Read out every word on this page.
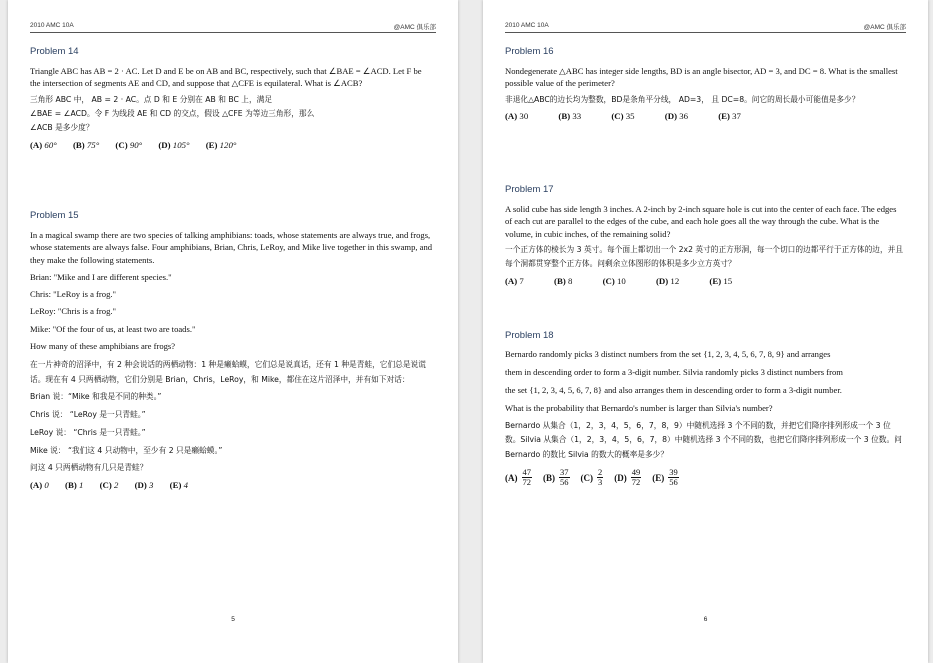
2010 AMC 10A	@AMC 俱乐部
Problem 14

Triangle ABC has AB = 2 · AC. Let D and E be on AB and BC, respectively, such that ∠BAE = ∠ACD. Let F be the intersection of segments AE and CD, and suppose that △CFE is equilateral. What is ∠ACB?

三角形 ABC 中， AB = 2 · AC。点 D 和 E 分别在 AB 和 BC 上，满足

∠BAE = ∠ACD。令 F 为线段 AE 和 CD 的交点，假设 △CFE 为等边三角形，那么

∠ACB 是多少度？

(A) 60° (B) 75° (C) 90° (D) 105° (E) 120°
Problem 15

In a magical swamp there are two species of talking amphibians: toads, whose statements are always true, and frogs, whose statements are always false. Four amphibians, Brian, Chris, LeRoy, and Mike live together in this swamp, and they make the following statements.

Brian: "Mike and I are different species."

Chris: "LeRoy is a frog."

LeRoy: "Chris is a frog."

Mike: "Of the four of us, at least two are toads."

How many of these amphibians are frogs?

在一片神奇的沼泽中，有 2 种会说话的两栖动物：1 种是癞蛤蟆，它们总是说真话，还有 1 种是青蛙，它们总是说谎话。现在有 4 只两栖动物，它们分别是 Brian，Chris，LeRoy，和 Mike，都住在这片沼泽中，并有如下对话：

Brian 说：“Mike 和我是不同的种类。”

Chris 说： “LeRoy 是一只青蛙。”

LeRoy 说： “Chris 是一只青蛙。”

Mike 说： “我们这 4 只动物中，至少有 2 只是癞蛤蟆。”

问这 4 只两栖动物有几只是青蛙？

(A) 0 (B) 1 (C) 2 (D) 3 (E) 4
5
2010 AMC 10A	@AMC 俱乐部
Problem 16

Nondegenerate △ABC has integer side lengths, BD is an angle bisector, AD = 3, and DC = 8. What is the smallest possible value of the perimeter?

非退化△ABC的边长均为整数，BD是条角平分线， AD=3， 且 DC=8。问它的周长最小可能值是多少？

(A) 30	(B) 33	(C) 35	(D) 36	(E) 37
Problem 17

A solid cube has side length 3 inches. A 2-inch by 2-inch square hole is cut into the center of each face. The edges of each cut are parallel to the edges of the cube, and each hole goes all the way through the cube. What is the volume, in cubic inches, of the remaining solid?

一个正方体的棱长为 3 英寸。每个面上都切出一个 2x2 英寸的正方形洞，每一个切口的边都平行于正方体的边，并且每个洞都贯穿整个正方体。问剩余立体图形的体积是多少立方英寸？

(A) 7	(B) 8	(C) 10	(D) 12	(E) 15
Problem 18

Bernardo randomly picks 3 distinct numbers from the set {1, 2, 3, 4, 5, 6, 7, 8, 9} and arranges

them in descending order to form a 3-digit number. Silvia randomly picks 3 distinct numbers from

the set {1, 2, 3, 4, 5, 6, 7, 8} and also arranges them in descending order to form a 3-digit number.

What is the probability that Bernardo's number is larger than Silvia's number?

Bernardo 从集合（1，2，3，4，5，6，7，8，9）中随机选择 3 个不同的数，并把它们降序排列形成一个 3 位数。Silvia 从集合（1，2，3，4，5，6，7，8）中随机选择 3 个不同的数，也把它们降序排列形成一个 3 位数。问 Bernardo 的数比 Silvia 的数大的概率是多少？

$(A) \frac{47}{72} (B) \frac{37}{56} (C) \frac{2}{3} (D) \frac{49}{72} (E) \frac{39}{56}$
6
